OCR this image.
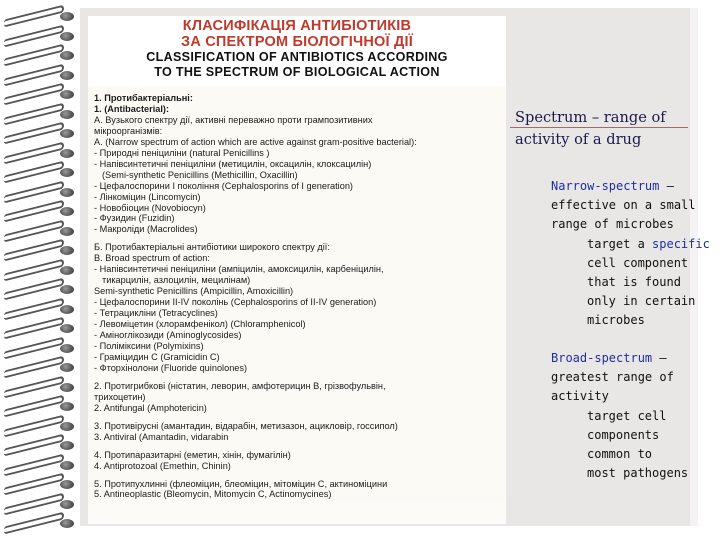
КЛАСИФІКАЦІЯ АНТИБІОТИКІВ
ЗА СПЕКТРОМ БІОЛОГІЧНОЇ ДІЇ
CLASSIFICATION OF ANTIBIOTICS ACCORDING
TO THE SPECTRUM OF BIOLOGICAL ACTION
1. Протибактеріальні:
1. (Antibacterial):
А. Вузького спектру дії, активні переважно проти грампозитивних
мікроорганізмів:
A. (Narrow spectrum of action which are active against gram-positive bacterial):
- Природні пеніциліни (natural Penicillins )
- Напівсинтетичні пеніциліни (метицилін, оксацилін, клоксацилін)
(Semi-synthetic Penicillins (Methicillin, Oxacillin)
- Цефалоспорини I покоління (Cephalosporins of I generation)
- Лінкоміцин (Lincomycin)
- Новобіоцин (Novobiocyn)
- Фузидин (Fuzidin)
- Макроліди (Macrolides)
Б. Протибактеріальні антибіотики широкого спектру дії:
B. Broad spectrum of action:
- Напівсинтетичні пеніциліни (ампіцилін, амоксицилін, карбеніцилін,
тикарцилін, азлоцилін, мецилінам)
Semi-synthetic Penicillins (Ampicillin, Amoxicillin)
- Цефалоспорини II-IV поколінь (Cephalosporins of II-IV generation)
- Тетрацикліни (Tetracyclines)
- Левоміцетин (хлорамфенікол) (Chloramphenicol)
- Аміноглікозиди (Aminoglycosides)
- Поліміксини (Polymixins)
- Граміцидин С (Gramicidin C)
- Фторхінолони (Fluoride quinolones)
2. Протигрибкові (ністатин, леворин, амфотерицин В, грізвофульвін,
трихоцетин)
2. Antifungal (Amphotericin)
3. Противірусні (амантадин, відарабін, метизазон, ацикловір, госсипол)
3. Antiviral (Amantadin, vidarabin
4. Протипаразитарні (еметин, хінін, фумагілін)
4. Antiprotozoal (Emethin, Chinin)
5. Протипухлинні (флеоміцин, блеоміцин, мітоміцин С, актиноміцини
5. Antineoplastic (Bleomycin, Mitomycin C, Actinomycines)
Spectrum – range of
activity of a drug
Narrow-spectrum –
effective on a small
range of microbes
target a specific
cell component
that is found
only in certain
microbes
Broad-spectrum –
greatest range of
activity
target cell
components
common to
most pathogens
